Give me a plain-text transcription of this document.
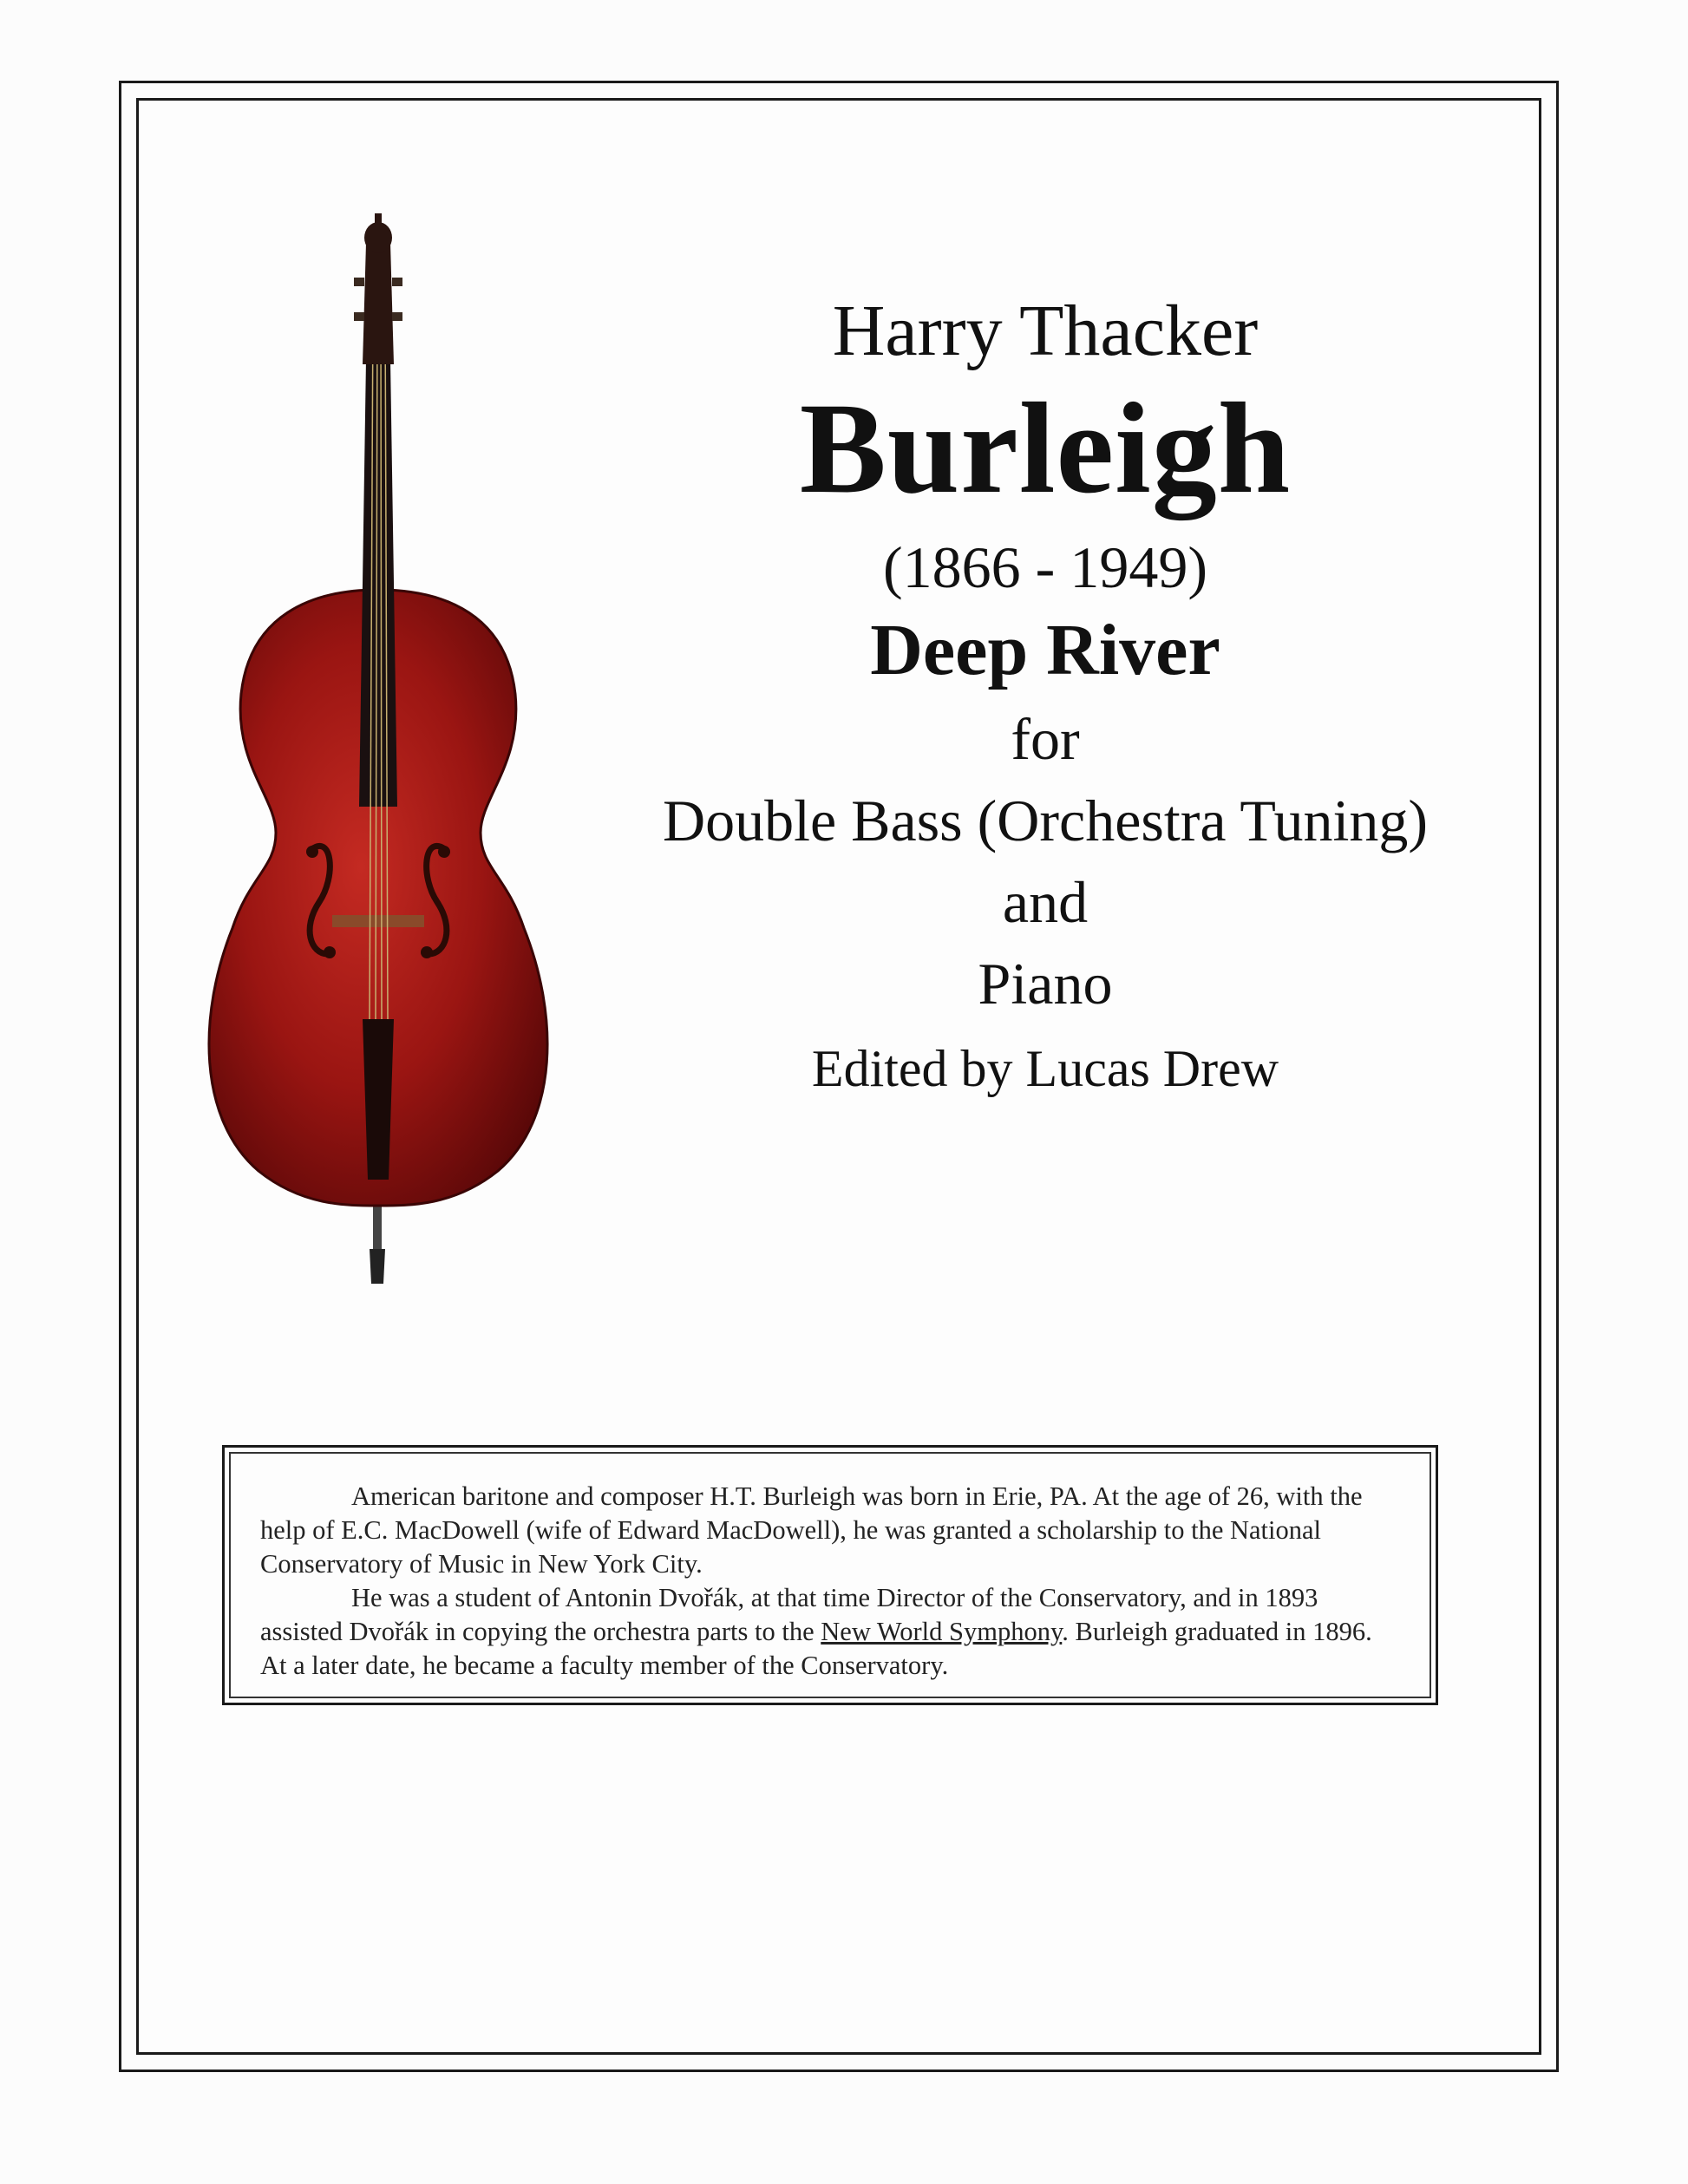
Harry Thacker

Burleigh

(1866 - 1949)

Deep River

for

Double Bass (Orchestra Tuning)

and

Piano

Edited by Lucas Drew

American baritone and composer H.T. Burleigh was born in Erie, PA. At the age of 26, with the help of E.C. MacDowell (wife of Edward MacDowell), he was granted a scholarship to the National Conservatory of Music in New York City.

He was a student of Antonin Dvořák, at that time Director of the Conservatory, and in 1893 assisted Dvořák in copying the orchestra parts to the New World Symphony. Burleigh graduated in 1896. At a later date, he became a faculty member of the Conservatory.
